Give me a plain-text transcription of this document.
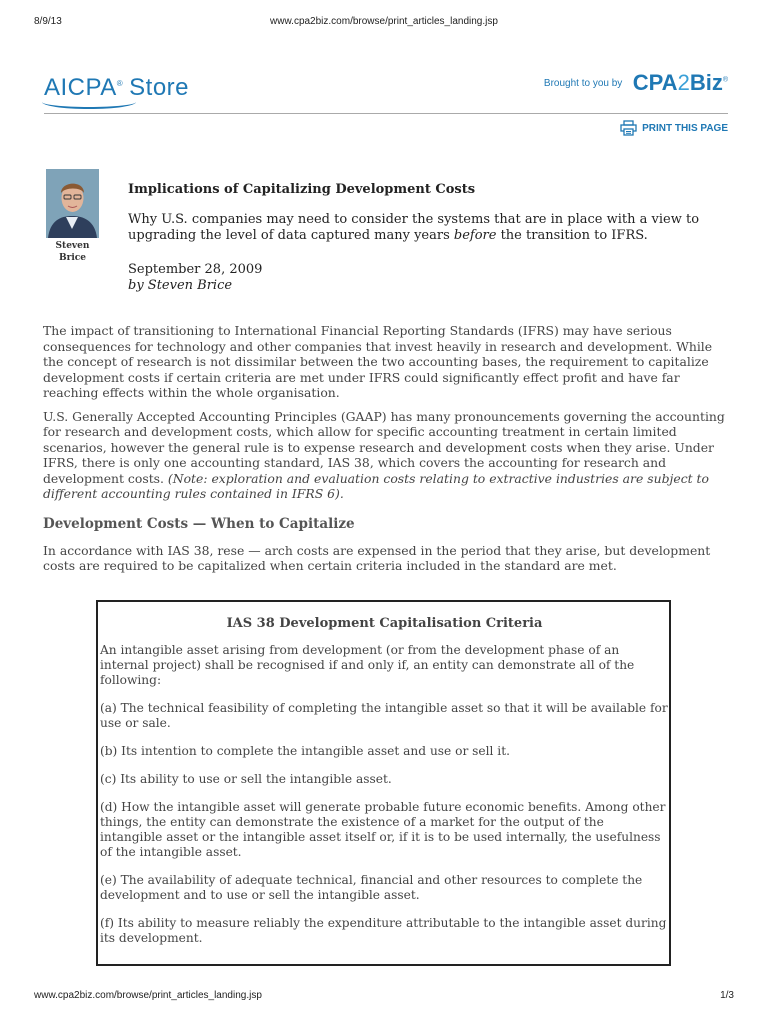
8/9/13	www.cpa2biz.com/browse/print_articles_landing.jsp
AICPA® Store	Brought to you by CPA2Biz®
PRINT THIS PAGE
Steven
Brice
Implications of Capitalizing Development Costs

Why U.S. companies may need to consider the systems that are in place with a view to upgrading the level of data captured many years before the transition to IFRS.

September 28, 2009

by Steven Brice

The impact of transitioning to International Financial Reporting Standards (IFRS) may have serious consequences for technology and other companies that invest heavily in research and development. While the concept of research is not dissimilar between the two accounting bases, the requirement to capitalize development costs if certain criteria are met under IFRS could significantly effect profit and have far reaching effects within the whole organisation.

U.S. Generally Accepted Accounting Principles (GAAP) has many pronouncements governing the accounting for research and development costs, which allow for specific accounting treatment in certain limited scenarios, however the general rule is to expense research and development costs when they arise. Under IFRS, there is only one accounting standard, IAS 38, which covers the accounting for research and development costs. (Note: exploration and evaluation costs relating to extractive industries are subject to different accounting rules contained in IFRS 6).

Development Costs — When to Capitalize

In accordance with IAS 38, rese — arch costs are expensed in the period that they arise, but development costs are required to be capitalized when certain criteria included in the standard are met.

IAS 38 Development Capitalisation Criteria

An intangible asset arising from development (or from the development phase of an internal project) shall be recognised if and only if, an entity can demonstrate all of the following:

(a) The technical feasibility of completing the intangible asset so that it will be available for use or sale.

(b) Its intention to complete the intangible asset and use or sell it.

(c) Its ability to use or sell the intangible asset.

(d) How the intangible asset will generate probable future economic benefits. Among other things, the entity can demonstrate the existence of a market for the output of the intangible asset or the intangible asset itself or, if it is to be used internally, the usefulness of the intangible asset.

(e) The availability of adequate technical, financial and other resources to complete the development and to use or sell the intangible asset.

(f) Its ability to measure reliably the expenditure attributable to the intangible asset during its development.

www.cpa2biz.com/browse/print_articles_landing.jsp	1/3
